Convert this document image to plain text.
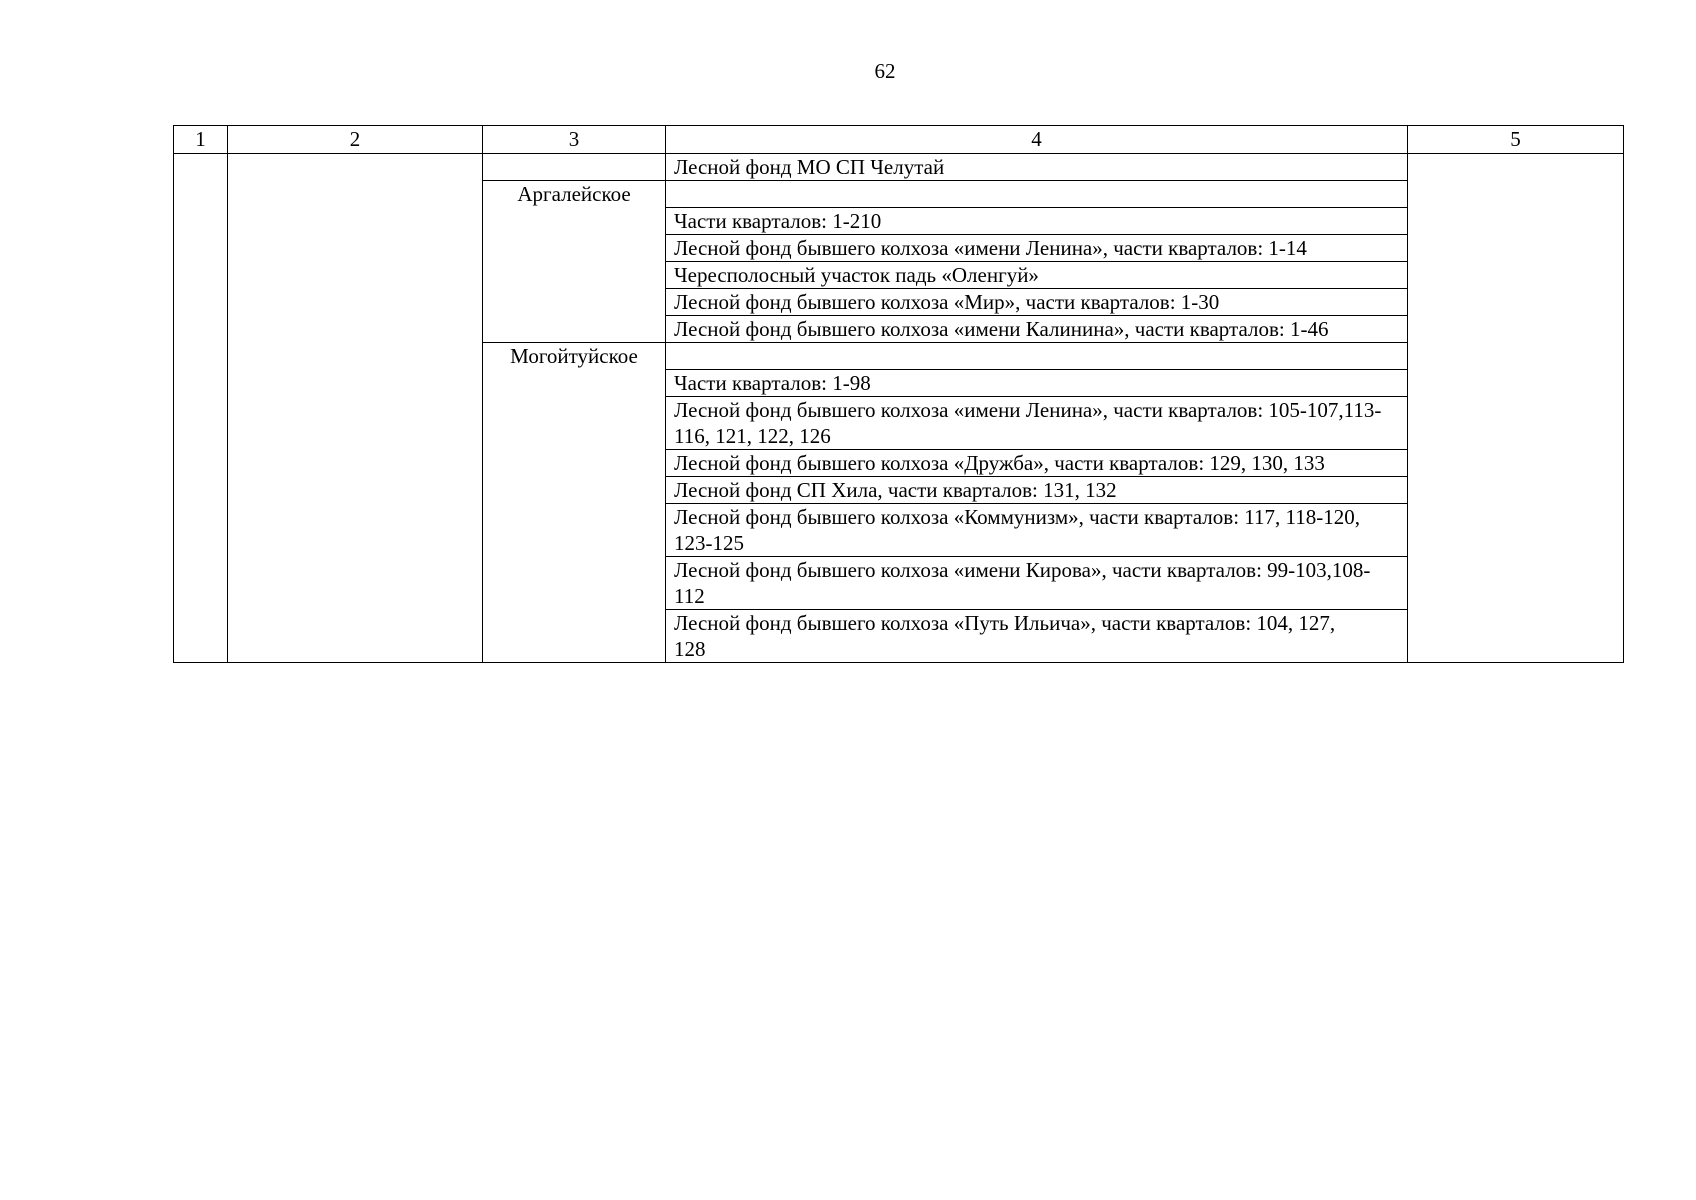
62
1	2	3	4	5
			Лесной фонд МО СП Челутай	
		Аргалейское		
			Части кварталов: 1-210	
			Лесной фонд бывшего колхоза «имени Ленина», части кварталов: 1-14	
			Чересполосный участок падь «Оленгуй»	
			Лесной фонд бывшего колхоза «Мир», части кварталов: 1-30	
			Лесной фонд бывшего колхоза «имени Калинина», части кварталов: 1-46	
		Могойтуйское		
			Части кварталов: 1-98	
			Лесной фонд бывшего колхоза «имени Ленина», части кварталов: 105-107,113-116, 121, 122, 126	
			Лесной фонд бывшего колхоза «Дружба», части кварталов: 129, 130, 133	
			Лесной фонд СП Хила, части кварталов: 131, 132	
			Лесной фонд бывшего колхоза «Коммунизм», части кварталов: 117, 118-120, 123-125	
			Лесной фонд бывшего колхоза «имени Кирова», части кварталов: 99-103,108-112	
			Лесной фонд бывшего колхоза «Путь Ильича», части кварталов: 104, 127,
128	
